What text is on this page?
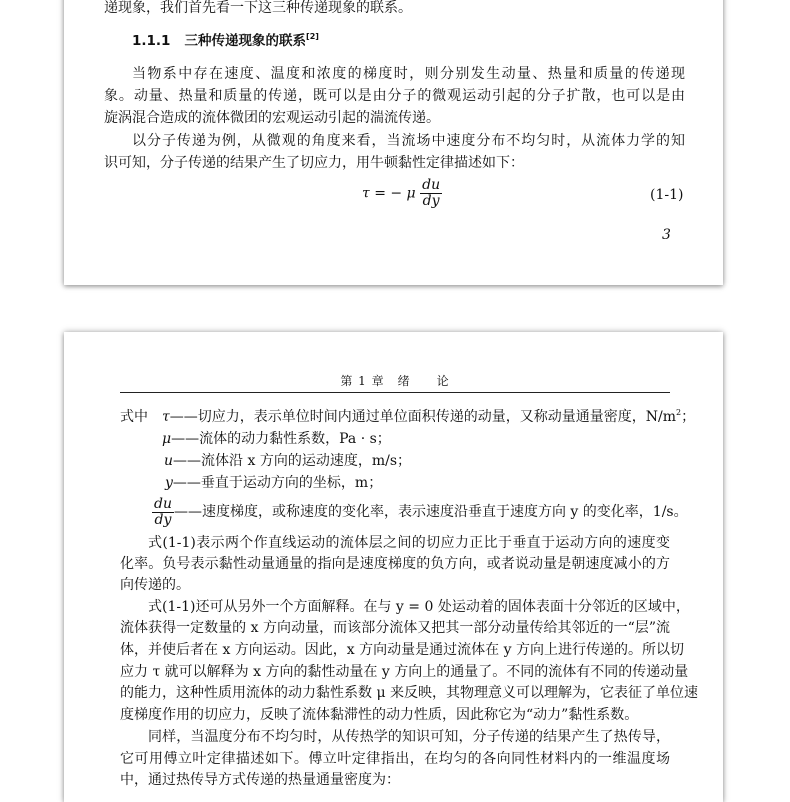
递现象，我们首先看一下这三种传递现象的联系。
1.1.1 三种传递现象的联系[2]
当物系中存在速度、温度和浓度的梯度时，则分别发生动量、热量和质量的传递现
象。动量、热量和质量的传递，既可以是由分子的微观运动引起的分子扩散，也可以是由
旋涡混合造成的流体微团的宏观运动引起的湍流传递。
以分子传递为例，从微观的角度来看，当流场中速度分布不均匀时，从流体力学的知
识可知，分子传递的结果产生了切应力，用牛顿黏性定律描述如下：
τ = − μ $\frac{du}{dy}$	(1-1)
3
第 1 章　绪　　论
式中 τ——切应力，表示单位时间内通过单位面积传递的动量，又称动量通量密度，$N/m^2$；
μ——流体的动力黏性系数，Pa · s；
u——流体沿 x 方向的运动速度，m/s；
y——垂直于运动方向的坐标，m；
$\frac{du}{dy}$ ——速度梯度，或称速度的变化率，表示速度沿垂直于速度方向 y 的变化率，1/s。
式(1-1)表示两个作直线运动的流体层之间的切应力正比于垂直于运动方向的速度变
化率。负号表示黏性动量通量的指向是速度梯度的负方向，或者说动量是朝速度减小的方
向传递的。
式(1-1)还可从另外一个方面解释。在与 y = 0 处运动着的固体表面十分邻近的区域中，
流体获得一定数量的 x 方向动量，而该部分流体又把其一部分动量传给其邻近的一“层”流
体，并使后者在 x 方向运动。因此，x 方向动量是通过流体在 y 方向上进行传递的。所以切
应力 τ 就可以解释为 x 方向的黏性动量在 y 方向上的通量了。不同的流体有不同的传递动量
的能力，这种性质用流体的动力黏性系数 μ 来反映，其物理意义可以理解为，它表征了单位速
度梯度作用的切应力，反映了流体黏滞性的动力性质，因此称它为“动力”黏性系数。
同样，当温度分布不均匀时，从传热学的知识可知，分子传递的结果产生了热传导，
它可用傅立叶定律描述如下。傅立叶定律指出，在均匀的各向同性材料内的一维温度场
中，通过热传导方式传递的热量通量密度为：
